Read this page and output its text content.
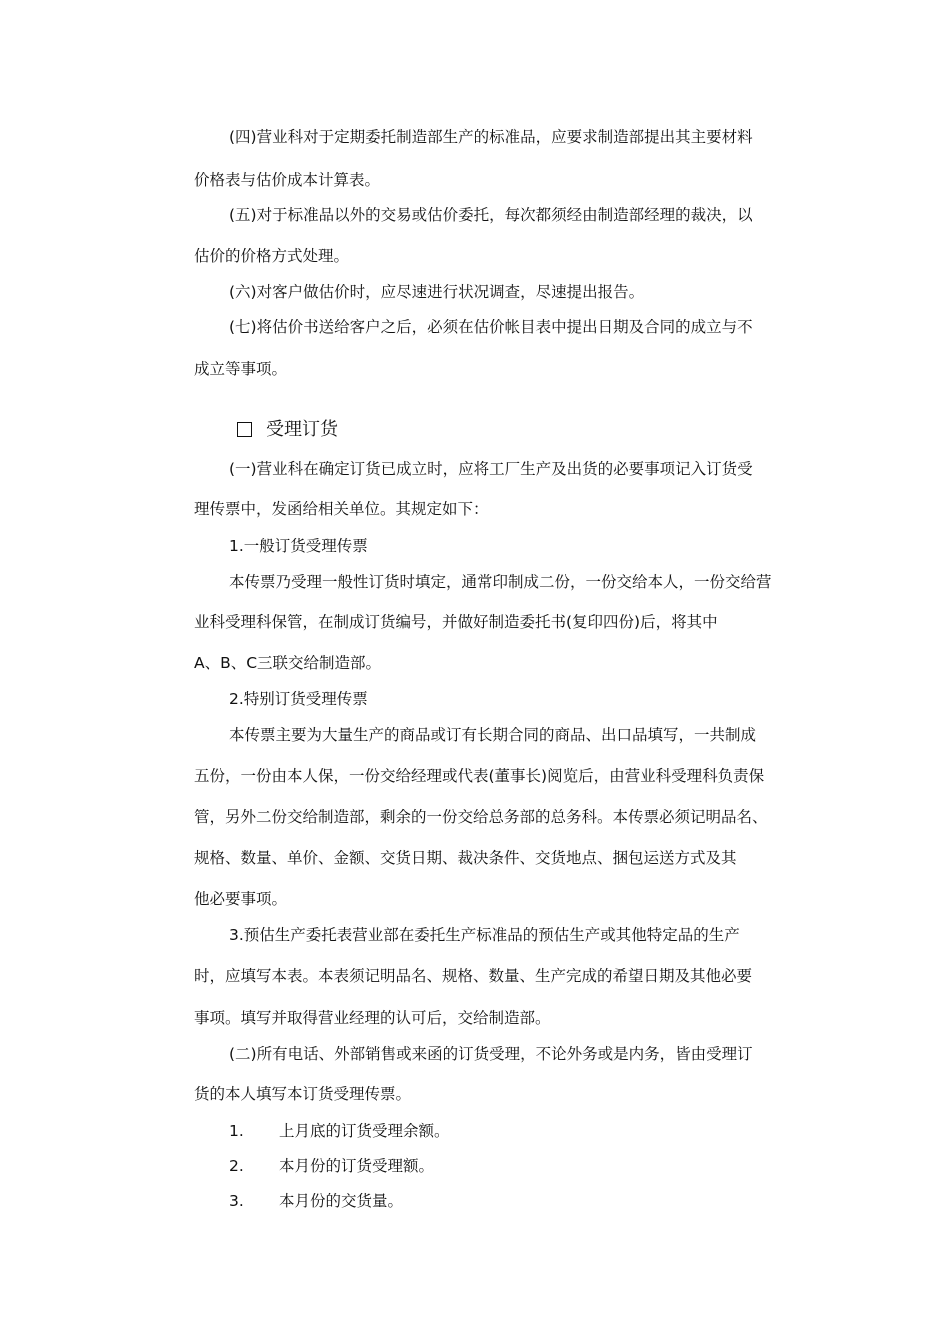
(四)营业科对于定期委托制造部生产的标准品，应要求制造部提出其主要材料
价格表与估价成本计算表。
(五)对于标准品以外的交易或估价委托，每次都须经由制造部经理的裁决，以
估价的价格方式处理。
(六)对客户做估价时，应尽速进行状况调查，尽速提出报告。
(七)将估价书送给客户之后，必须在估价帐目表中提出日期及合同的成立与不
成立等事项。
受理订货
(一)营业科在确定订货已成立时，应将工厂生产及出货的必要事项记入订货受
理传票中，发函给相关单位。其规定如下：
1.一般订货受理传票
本传票乃受理一般性订货时填定，通常印制成二份，一份交给本人，一份交给营
业科受理科保管，在制成订货编号，并做好制造委托书(复印四份)后，将其中
A、B、C三联交给制造部。
2.特别订货受理传票
本传票主要为大量生产的商品或订有长期合同的商品、出口品填写，一共制成
五份，一份由本人保，一份交给经理或代表(董事长)阅览后，由营业科受理科负责保
管，另外二份交给制造部，剩余的一份交给总务部的总务科。本传票必须记明品名、
规格、数量、单价、金额、交货日期、裁决条件、交货地点、捆包运送方式及其
他必要事项。
3.预估生产委托表营业部在委托生产标准品的预估生产或其他特定品的生产
时，应填写本表。本表须记明品名、规格、数量、生产完成的希望日期及其他必要
事项。填写并取得营业经理的认可后，交给制造部。
(二)所有电话、外部销售或来函的订货受理，不论外务或是内务，皆由受理订
货的本人填写本订货受理传票。
1. 上月底的订货受理余额。
2. 本月份的订货受理额。
3. 本月份的交货量。
